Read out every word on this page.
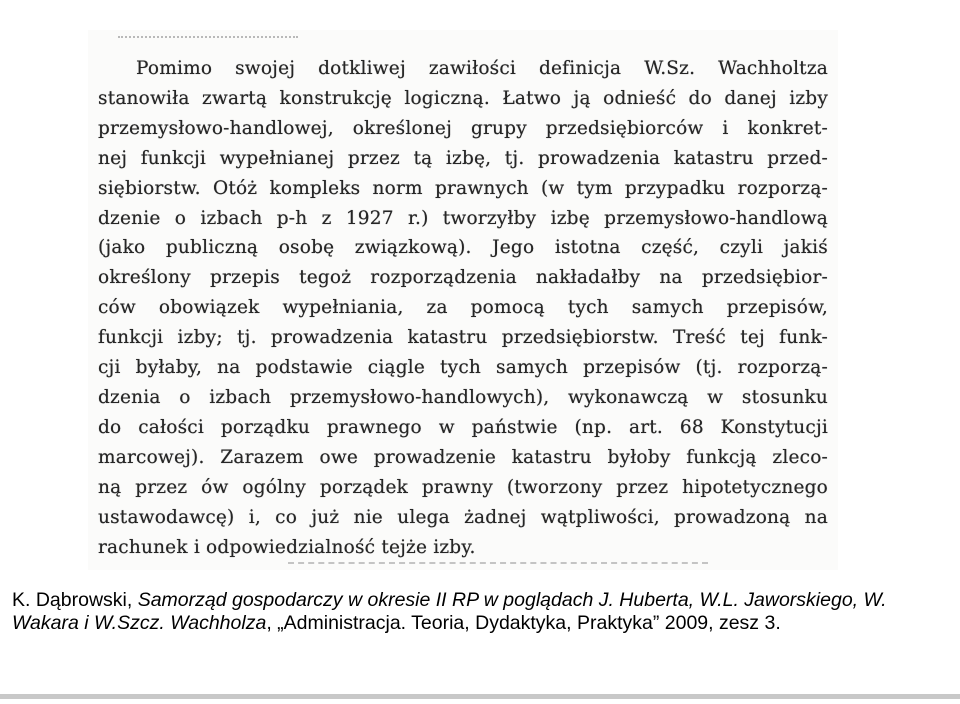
Pomimo swojej dotkliwej zawiłości definicja W.Sz. Wachholtza
stanowiła zwartą konstrukcję logiczną. Łatwo ją odnieść do danej izby
przemysłowo-handlowej, określonej grupy przedsiębiorców i konkret-
nej funkcji wypełnianej przez tą izbę, tj. prowadzenia katastru przed-
siębiorstw. Otóż kompleks norm prawnych (w tym przypadku rozporzą-
dzenie o izbach p-h z 1927 r.) tworzyłby izbę przemysłowo-handlową
(jako publiczną osobę związkową). Jego istotna część, czyli jakiś
określony przepis tegoż rozporządzenia nakładałby na przedsiębior-
ców obowiązek wypełniania, za pomocą tych samych przepisów,
funkcji izby; tj. prowadzenia katastru przedsiębiorstw. Treść tej funk-
cji byłaby, na podstawie ciągle tych samych przepisów (tj. rozporzą-
dzenia o izbach przemysłowo-handlowych), wykonawczą w stosunku
do całości porządku prawnego w państwie (np. art. 68 Konstytucji
marcowej). Zarazem owe prowadzenie katastru byłoby funkcją zleco-
ną przez ów ogólny porządek prawny (tworzony przez hipotetycznego
ustawodawcę) i, co już nie ulega żadnej wątpliwości, prowadzoną na
rachunek i odpowiedzialność tejże izby.
K. Dąbrowski, Samorząd gospodarczy w okresie II RP w poglądach J. Huberta, W.L. Jaworskiego, W. Wakara i W.Szcz. Wachholza, „Administracja. Teoria, Dydaktyka, Praktyka” 2009, zesz 3.
